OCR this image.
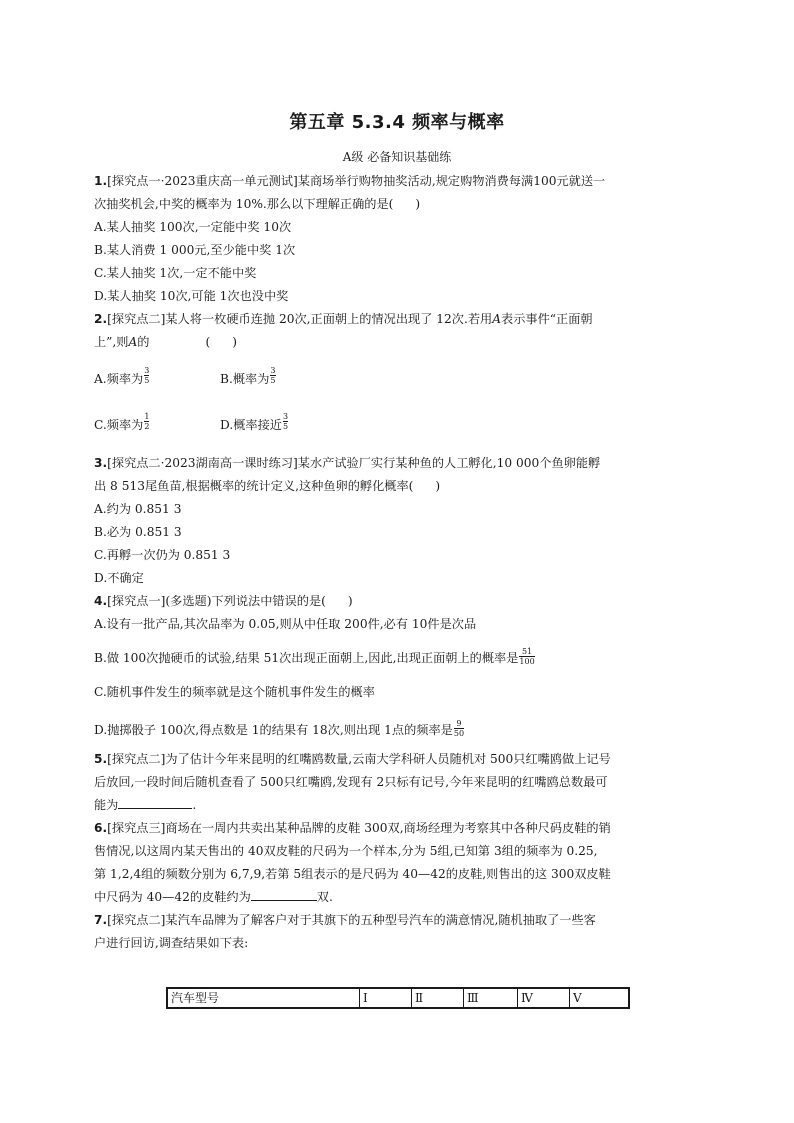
第五章 5.3.4 频率与概率
A级 必备知识基础练
1.[探究点一·2023重庆高一单元测试]某商场举行购物抽奖活动,规定购物消费每满100元就送一
次抽奖机会,中奖的概率为 10%.那么以下理解正确的是( )
A.某人抽奖 100次,一定能中奖 10次
B.某人消费 1 000元,至少能中奖 1次
C.某人抽奖 1次,一定不能中奖
D.某人抽奖 10次,可能 1次也没中奖
2.[探究点二]某人将一枚硬币连抛 20次,正面朝上的情况出现了 12次.若用A表示事件“正面朝
上”,则A的	( )
A.频率为 $\frac{3}{5}$	B.概率为 $\frac{3}{5}$
C.频率为 $\frac{1}{2}$	D.概率接近 $\frac{3}{5}$
3.[探究点二·2023湖南高一课时练习]某水产试验厂实行某种鱼的人工孵化,10 000个鱼卵能孵
出 8 513尾鱼苗,根据概率的统计定义,这种鱼卵的孵化概率( )
A.约为 0.851 3
B.必为 0.851 3
C.再孵一次仍为 0.851 3
D.不确定
4.[探究点一](多选题)下列说法中错误的是( )
A.设有一批产品,其次品率为 0.05,则从中任取 200件,必有 10件是次品
B.做 100次抛硬币的试验,结果 51次出现正面朝上,因此,出现正面朝上的概率是 $\frac{51}{100}$
C.随机事件发生的频率就是这个随机事件发生的概率
D.抛掷骰子 100次,得点数是 1的结果有 18次,则出现 1点的频率是 $\frac{9}{50}$
5.[探究点二]为了估计今年来昆明的红嘴鸥数量,云南大学科研人员随机对 500只红嘴鸥做上记号
后放回,一段时间后随机查看了 500只红嘴鸥,发现有 2只标有记号,今年来昆明的红嘴鸥总数最可
能为	.
6.[探究点三]商场在一周内共卖出某种品牌的皮鞋 300双,商场经理为考察其中各种尺码皮鞋的销
售情况,以这周内某天售出的 40双皮鞋的尺码为一个样本,分为 5组,已知第 3组的频率为 0.25,
第 1,2,4组的频数分别为 6,7,9,若第 5组表示的是尺码为 40—42的皮鞋,则售出的这 300双皮鞋
中尺码为 40—42的皮鞋约为	双.
7.[探究点二]某汽车品牌为了解客户对于其旗下的五种型号汽车的满意情况,随机抽取了一些客
户进行回访,调查结果如下表:
汽车型号	Ⅰ	Ⅱ	Ⅲ	Ⅳ	Ⅴ
